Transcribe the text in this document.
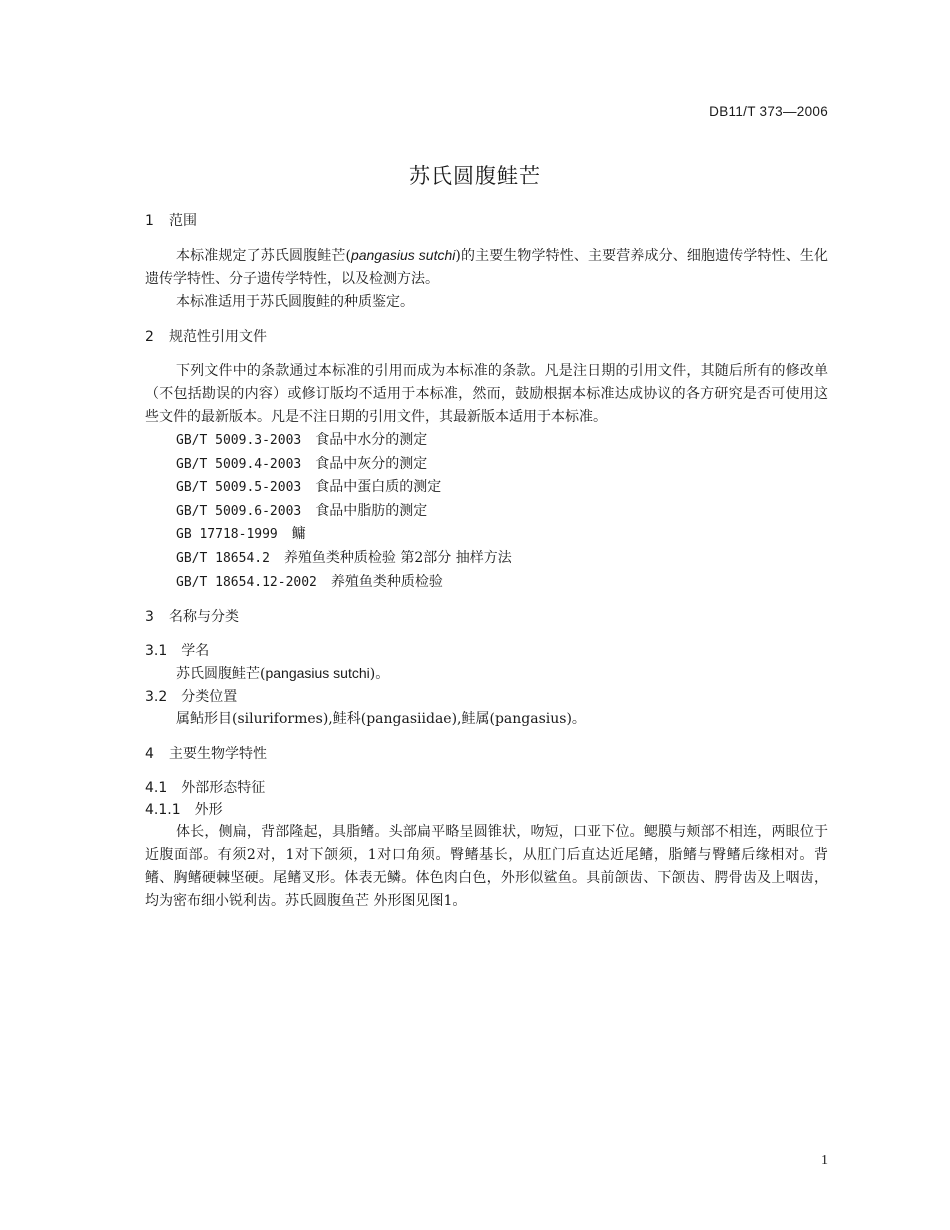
DB11/T 373—2006
苏氏圆腹鲑芒
1 范围

本标准规定了苏氏圆腹鲑芒(pangasius sutchi)的主要生物学特性、主要营养成分、细胞遗传学特性、生化遗传学特性、分子遗传学特性，以及检测方法。

本标准适用于苏氏圆腹鲑的种质鉴定。

2 规范性引用文件

下列文件中的条款通过本标准的引用而成为本标准的条款。凡是注日期的引用文件，其随后所有的修改单（不包括勘误的内容）或修订版均不适用于本标准，然而，鼓励根据本标准达成协议的各方研究是否可使用这些文件的最新版本。凡是不注日期的引用文件，其最新版本适用于本标准。

GB/T 5009.3-2003 食品中水分的测定

GB/T 5009.4-2003 食品中灰分的测定

GB/T 5009.5-2003 食品中蛋白质的测定

GB/T 5009.6-2003 食品中脂肪的测定

GB 17718-1999 鳙

GB/T 18654.2 养殖鱼类种质检验 第2部分 抽样方法

GB/T 18654.12-2002 养殖鱼类种质检验

3 名称与分类
3.1 学名

苏氏圆腹鲑芒(pangasius sutchi)。

3.2 分类位置

属鲇形目(siluriformes),鲑科(pangasiidae),鲑属(pangasius)。

4 主要生物学特性
4.1 外部形态特征
4.1.1 外形

体长，侧扁，背部隆起，具脂鳍。头部扁平略呈圆锥状，吻短，口亚下位。鳃膜与颊部不相连，两眼位于近腹面部。有须2对，1对下颌须，1对口角须。臀鳍基长，从肛门后直达近尾鳍，脂鳍与臀鳍后缘相对。背鳍、胸鳍硬棘坚硬。尾鳍叉形。体表无鳞。体色肉白色，外形似鲨鱼。具前颌齿、下颌齿、腭骨齿及上咽齿，均为密布细小锐利齿。苏氏圆腹鱼芒 外形图见图1。

1
